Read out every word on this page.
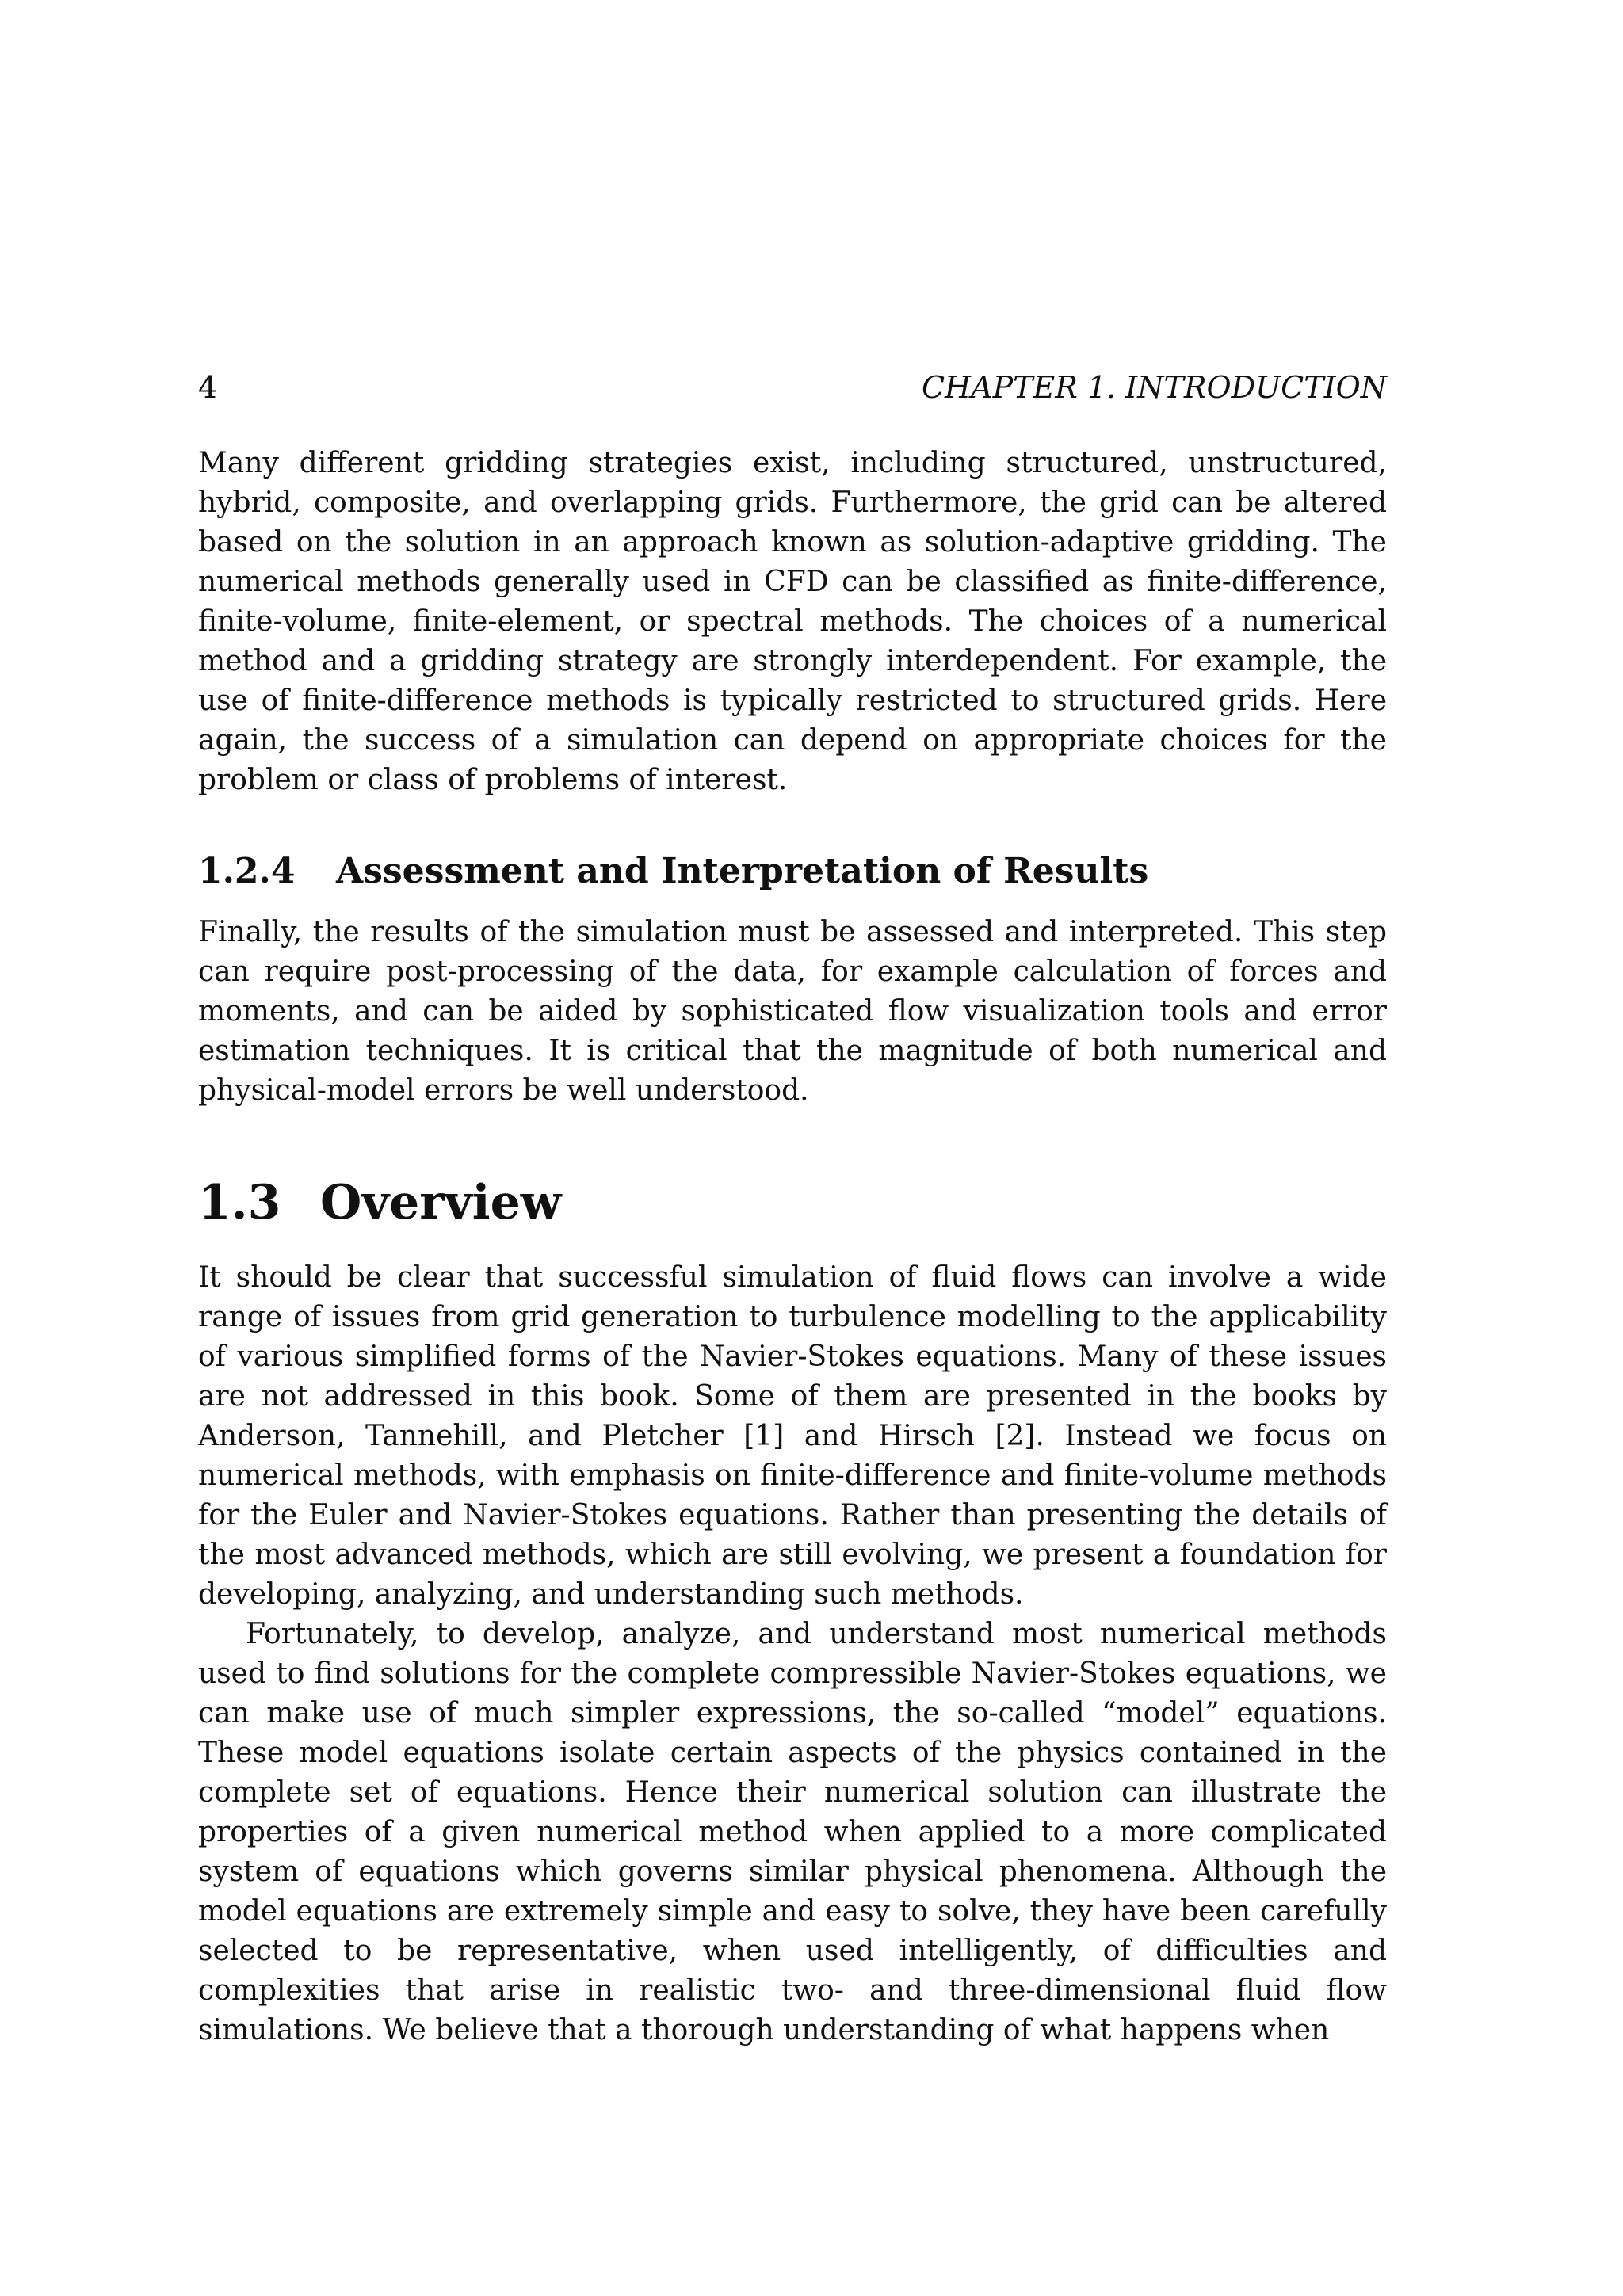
4	CHAPTER 1. INTRODUCTION

Many different gridding strategies exist, including structured, unstructured, hybrid, composite, and overlapping grids. Furthermore, the grid can be altered based on the solution in an approach known as solution-adaptive gridding. The numerical methods generally used in CFD can be classified as finite-difference, finite-volume, finite-element, or spectral methods. The choices of a numerical method and a gridding strategy are strongly interdependent. For example, the use of finite-difference methods is typically restricted to structured grids. Here again, the success of a simulation can depend on appropriate choices for the problem or class of problems of interest.

1.2.4	Assessment and Interpretation of Results

Finally, the results of the simulation must be assessed and interpreted. This step can require post-processing of the data, for example calculation of forces and moments, and can be aided by sophisticated flow visualization tools and error estimation techniques. It is critical that the magnitude of both numerical and physical-model errors be well understood.

1.3 Overview

It should be clear that successful simulation of fluid flows can involve a wide range of issues from grid generation to turbulence modelling to the applicability of various simplified forms of the Navier-Stokes equations. Many of these issues are not addressed in this book. Some of them are presented in the books by Anderson, Tannehill, and Pletcher [1] and Hirsch [2]. Instead we focus on numerical methods, with emphasis on finite-difference and finite-volume methods for the Euler and Navier-Stokes equations. Rather than presenting the details of the most advanced methods, which are still evolving, we present a foundation for developing, analyzing, and understanding such methods.

Fortunately, to develop, analyze, and understand most numerical methods used to find solutions for the complete compressible Navier-Stokes equations, we can make use of much simpler expressions, the so-called “model” equations. These model equations isolate certain aspects of the physics contained in the complete set of equations. Hence their numerical solution can illustrate the properties of a given numerical method when applied to a more complicated system of equations which governs similar physical phenomena. Although the model equations are extremely simple and easy to solve, they have been carefully selected to be representative, when used intelligently, of difficulties and complexities that arise in realistic two- and three-dimensional fluid flow simulations. We believe that a thorough understanding of what happens when
